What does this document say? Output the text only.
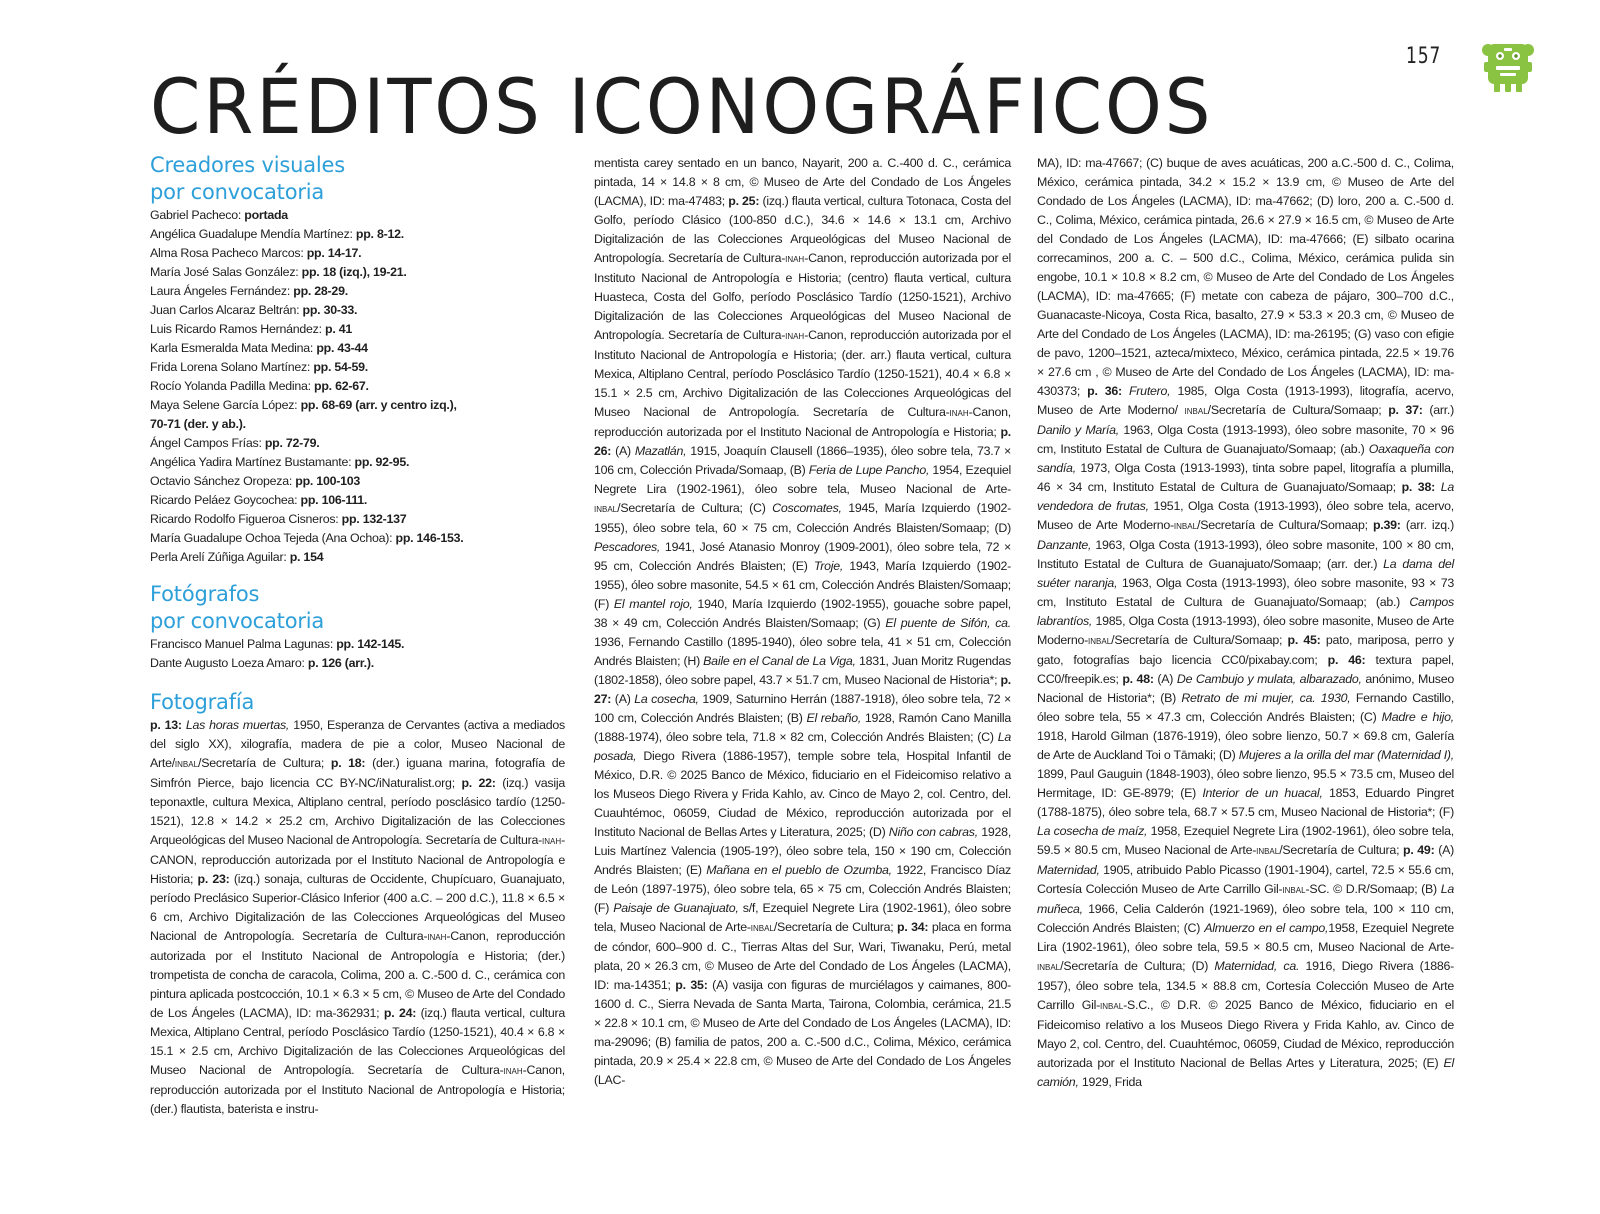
157
CRÉDITOS ICONOGRÁFICOS
Creadores visuales
por convocatoria
Gabriel Pacheco: portada
Angélica Guadalupe Mendía Martínez: pp. 8-12.
Alma Rosa Pacheco Marcos: pp. 14-17.
María José Salas González: pp. 18 (izq.), 19-21.
Laura Ángeles Fernández: pp. 28-29.
Juan Carlos Alcaraz Beltrán: pp. 30-33.
Luis Ricardo Ramos Hernández: p. 41
Karla Esmeralda Mata Medina: pp. 43-44
Frida Lorena Solano Martínez: pp. 54-59.
Rocío Yolanda Padilla Medina: pp. 62-67.
Maya Selene García López: pp. 68-69 (arr. y centro izq.),
70-71 (der. y ab.).
Ángel Campos Frías: pp. 72-79.
Angélica Yadira Martínez Bustamante: pp. 92-95.
Octavio Sánchez Oropeza: pp. 100-103
Ricardo Peláez Goycochea: pp. 106-111.
Ricardo Rodolfo Figueroa Cisneros: pp. 132-137
María Guadalupe Ochoa Tejeda (Ana Ochoa): pp. 146-153.
Perla Arelí Zúñiga Aguilar: p. 154
Fotógrafos
por convocatoria
Francisco Manuel Palma Lagunas: pp. 142-145.
Dante Augusto Loeza Amaro: p. 126 (arr.).
Fotografía

p. 13: Las horas muertas, 1950, Esperanza de Cervantes (activa a mediados del siglo XX), xilografía, madera de pie a color, Museo Nacional de Arte/INBAL/Secretaría de Cultura; p. 18: (der.) iguana marina, fotografía de Simfrón Pierce, bajo licencia CC BY-NC/iNaturalist.org; p. 22: (izq.) vasija teponaxtle, cultura Mexica, Altiplano central, período posclásico tardío (1250-1521), 12.8 × 14.2 × 25.2 cm, Archivo Digitalización de las Colecciones Arqueológicas del Museo Nacional de Antropología. Secretaría de Cultura-INAH-CANON, reproducción autorizada por el Instituto Nacional de Antropología e Historia; p. 23: (izq.) sonaja, culturas de Occidente, Chupícuaro, Guanajuato, período Preclásico Superior-Clásico Inferior (400 a.C. – 200 d.C.), 11.8 × 6.5 × 6 cm, Archivo Digitalización de las Colecciones Arqueológicas del Museo Nacional de Antropología. Secretaría de Cultura-INAH-Canon, reproducción autorizada por el Instituto Nacional de Antropología e Historia; (der.) trompetista de concha de caracola, Colima, 200 a. C.-500 d. C., cerámica con pintura aplicada postcocción, 10.1 × 6.3 × 5 cm, © Museo de Arte del Condado de Los Ángeles (LACMA), ID: ma-362931; p. 24: (izq.) flauta vertical, cultura Mexica, Altiplano Central, período Posclásico Tardío (1250-1521), 40.4 × 6.8 × 15.1 × 2.5 cm, Archivo Digitalización de las Colecciones Arqueológicas del Museo Nacional de Antropología. Secretaría de Cultura-INAH-Canon, reproducción autorizada por el Instituto Nacional de Antropología e Historia; (der.) flautista, baterista e instru-

mentista carey sentado en un banco, Nayarit, 200 a. C.-400 d. C., cerámica pintada, 14 × 14.8 × 8 cm, © Museo de Arte del Condado de Los Ángeles (LACMA), ID: ma-47483; p. 25: (izq.) flauta vertical, cultura Totonaca, Costa del Golfo, período Clásico (100-850 d.C.), 34.6 × 14.6 × 13.1 cm, Archivo Digitalización de las Colecciones Arqueológicas del Museo Nacional de Antropología. Secretaría de Cultura-INAH-Canon, reproducción autorizada por el Instituto Nacional de Antropología e Historia; (centro) flauta vertical, cultura Huasteca, Costa del Golfo, período Posclásico Tardío (1250-1521), Archivo Digitalización de las Colecciones Arqueológicas del Museo Nacional de Antropología. Secretaría de Cultura-INAH-Canon, reproducción autorizada por el Instituto Nacional de Antropología e Historia; (der. arr.) flauta vertical, cultura Mexica, Altiplano Central, período Posclásico Tardío (1250-1521), 40.4 × 6.8 × 15.1 × 2.5 cm, Archivo Digitalización de las Colecciones Arqueológicas del Museo Nacional de Antropología. Secretaría de Cultura-INAH-Canon, reproducción autorizada por el Instituto Nacional de Antropología e Historia; p. 26: (A) Mazatlán, 1915, Joaquín Clausell (1866–1935), óleo sobre tela, 73.7 × 106 cm, Colección Privada/Somaap, (B) Feria de Lupe Pancho, 1954, Ezequiel Negrete Lira (1902-1961), óleo sobre tela, Museo Nacional de Arte-INBAL/Secretaría de Cultura; (C) Coscomates, 1945, María Izquierdo (1902-1955), óleo sobre tela, 60 × 75 cm, Colección Andrés Blaisten/Somaap; (D) Pescadores, 1941, José Atanasio Monroy (1909-2001), óleo sobre tela, 72 × 95 cm, Colección Andrés Blaisten; (E) Troje, 1943, María Izquierdo (1902-1955), óleo sobre masonite, 54.5 × 61 cm, Colección Andrés Blaisten/Somaap; (F) El mantel rojo, 1940, María Izquierdo (1902-1955), gouache sobre papel, 38 × 49 cm, Colección Andrés Blaisten/Somaap; (G) El puente de Sifón, ca. 1936, Fernando Castillo (1895-1940), óleo sobre tela, 41 × 51 cm, Colección Andrés Blaisten; (H) Baile en el Canal de La Viga, 1831, Juan Moritz Rugendas (1802-1858), óleo sobre papel, 43.7 × 51.7 cm, Museo Nacional de Historia*; p. 27: (A) La cosecha, 1909, Saturnino Herrán (1887-1918), óleo sobre tela, 72 × 100 cm, Colección Andrés Blaisten; (B) El rebaño, 1928, Ramón Cano Manilla (1888-1974), óleo sobre tela, 71.8 × 82 cm, Colección Andrés Blaisten; (C) La posada, Diego Rivera (1886-1957), temple sobre tela, Hospital Infantil de México, D.R. © 2025 Banco de México, fiduciario en el Fideicomiso relativo a los Museos Diego Rivera y Frida Kahlo, av. Cinco de Mayo 2, col. Centro, del. Cuauhtémoc, 06059, Ciudad de México, reproducción autorizada por el Instituto Nacional de Bellas Artes y Literatura, 2025; (D) Niño con cabras, 1928, Luis Martínez Valencia (1905-19?), óleo sobre tela, 150 × 190 cm, Colección Andrés Blaisten; (E) Mañana en el pueblo de Ozumba, 1922, Francisco Díaz de León (1897-1975), óleo sobre tela, 65 × 75 cm, Colección Andrés Blaisten; (F) Paisaje de Guanajuato, s/f, Ezequiel Negrete Lira (1902-1961), óleo sobre tela, Museo Nacional de Arte-INBAL/Secretaría de Cultura; p. 34: placa en forma de cóndor, 600–900 d. C., Tierras Altas del Sur, Wari, Tiwanaku, Perú, metal plata, 20 × 26.3 cm, © Museo de Arte del Condado de Los Ángeles (LACMA), ID: ma-14351; p. 35: (A) vasija con figuras de murciélagos y caimanes, 800-1600 d. C., Sierra Nevada de Santa Marta, Tairona, Colombia, cerámica, 21.5 × 22.8 × 10.1 cm, © Museo de Arte del Condado de Los Ángeles (LACMA), ID: ma-29096; (B) familia de patos, 200 a. C.-500 d.C., Colima, México, cerámica pintada, 20.9 × 25.4 × 22.8 cm, © Museo de Arte del Condado de Los Ángeles (LAC-

MA), ID: ma-47667; (C) buque de aves acuáticas, 200 a.C.-500 d. C., Colima, México, cerámica pintada, 34.2 × 15.2 × 13.9 cm, © Museo de Arte del Condado de Los Ángeles (LACMA), ID: ma-47662; (D) loro, 200 a. C.-500 d. C., Colima, México, cerámica pintada, 26.6 × 27.9 × 16.5 cm, © Museo de Arte del Condado de Los Ángeles (LACMA), ID: ma-47666; (E) silbato ocarina correcaminos, 200 a. C. – 500 d.C., Colima, México, cerámica pulida sin engobe, 10.1 × 10.8 × 8.2 cm, © Museo de Arte del Condado de Los Ángeles (LACMA), ID: ma-47665; (F) metate con cabeza de pájaro, 300–700 d.C., Guanacaste-Nicoya, Costa Rica, basalto, 27.9 × 53.3 × 20.3 cm, © Museo de Arte del Condado de Los Ángeles (LACMA), ID: ma-26195; (G) vaso con efigie de pavo, 1200–1521, azteca/mixteco, México, cerámica pintada, 22.5 × 19.76 × 27.6 cm , © Museo de Arte del Condado de Los Ángeles (LACMA), ID: ma-430373; p. 36: Frutero, 1985, Olga Costa (1913-1993), litografía, acervo, Museo de Arte Moderno/ INBAL/Secretaría de Cultura/Somaap; p. 37: (arr.) Danilo y María, 1963, Olga Costa (1913-1993), óleo sobre masonite, 70 × 96 cm, Instituto Estatal de Cultura de Guanajuato/Somaap; (ab.) Oaxaqueña con sandía, 1973, Olga Costa (1913-1993), tinta sobre papel, litografía a plumilla, 46 × 34 cm, Instituto Estatal de Cultura de Guanajuato/Somaap; p. 38: La vendedora de frutas, 1951, Olga Costa (1913-1993), óleo sobre tela, acervo, Museo de Arte Moderno-INBAL/Secretaría de Cultura/Somaap; p.39: (arr. izq.) Danzante, 1963, Olga Costa (1913-1993), óleo sobre masonite, 100 × 80 cm, Instituto Estatal de Cultura de Guanajuato/Somaap; (arr. der.) La dama del suéter naranja, 1963, Olga Costa (1913-1993), óleo sobre masonite, 93 × 73 cm, Instituto Estatal de Cultura de Guanajuato/Somaap; (ab.) Campos labrantíos, 1985, Olga Costa (1913-1993), óleo sobre masonite, Museo de Arte Moderno-INBAL/Secretaría de Cultura/Somaap; p. 45: pato, mariposa, perro y gato, fotografías bajo licencia CC0/pixabay.com; p. 46: textura papel, CC0/freepik.es; p. 48: (A) De Cambujo y mulata, albarazado, anónimo, Museo Nacional de Historia*; (B) Retrato de mi mujer, ca. 1930, Fernando Castillo, óleo sobre tela, 55 × 47.3 cm, Colección Andrés Blaisten; (C) Madre e hijo, 1918, Harold Gilman (1876-1919), óleo sobre lienzo, 50.7 × 69.8 cm, Galería de Arte de Auckland Toi o Tāmaki; (D) Mujeres a la orilla del mar (Maternidad I), 1899, Paul Gauguin (1848-1903), óleo sobre lienzo, 95.5 × 73.5 cm, Museo del Hermitage, ID: GE-8979; (E) Interior de un huacal, 1853, Eduardo Pingret (1788-1875), óleo sobre tela, 68.7 × 57.5 cm, Museo Nacional de Historia*; (F) La cosecha de maíz, 1958, Ezequiel Negrete Lira (1902-1961), óleo sobre tela, 59.5 × 80.5 cm, Museo Nacional de Arte-INBAL/Secretaría de Cultura; p. 49: (A) Maternidad, 1905, atribuido Pablo Picasso (1901-1904), cartel, 72.5 × 55.6 cm, Cortesía Colección Museo de Arte Carrillo Gil-INBAL-SC. © D.R/Somaap; (B) La muñeca, 1966, Celia Calderón (1921-1969), óleo sobre tela, 100 × 110 cm, Colección Andrés Blaisten; (C) Almuerzo en el campo,1958, Ezequiel Negrete Lira (1902-1961), óleo sobre tela, 59.5 × 80.5 cm, Museo Nacional de Arte-INBAL/Secretaría de Cultura; (D) Maternidad, ca. 1916, Diego Rivera (1886-1957), óleo sobre tela, 134.5 × 88.8 cm, Cortesía Colección Museo de Arte Carrillo Gil-INBAL-S.C., © D.R. © 2025 Banco de México, fiduciario en el Fideicomiso relativo a los Museos Diego Rivera y Frida Kahlo, av. Cinco de Mayo 2, col. Centro, del. Cuauhtémoc, 06059, Ciudad de México, reproducción autorizada por el Instituto Nacional de Bellas Artes y Literatura, 2025; (E) El camión, 1929, Frida
